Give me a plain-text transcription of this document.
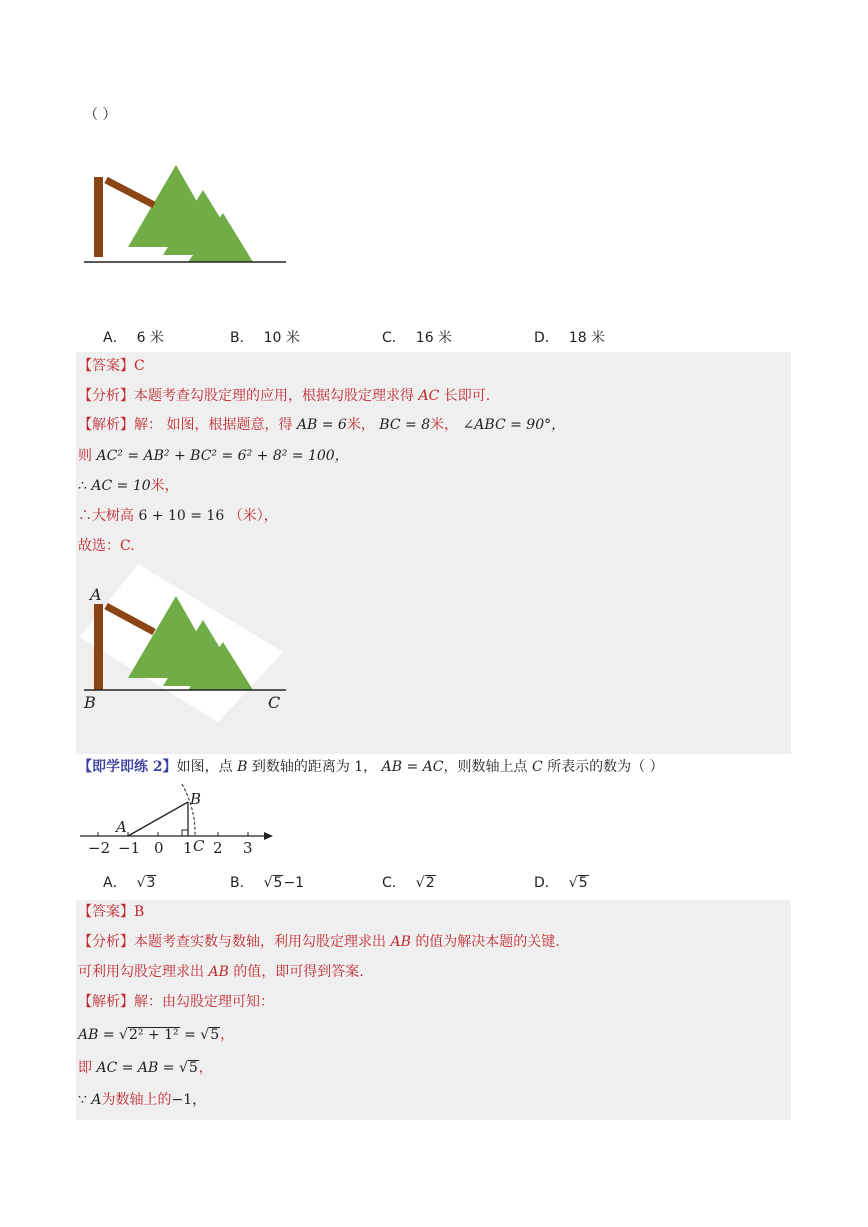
（ ）
A． 6 米	B． 10 米	C． 16 米	D． 18 米
【答案】C
【分析】本题考查勾股定理的应用，根据勾股定理求得 AC 长即可.
【解析】解： 如图，根据题意，得 AB = 6米， BC = 8米， ∠ABC = 90°，
则 AC² = AB² + BC² = 6² + 8² = 100，
∴ AC = 10米，
∴大树高 6 + 10 = 16 （米），
故选：C.
A
B	C
【即学即练 2】如图，点 B 到数轴的距离为 1， AB = AC，则数轴上点 C 所表示的数为（ ）
A
B
C
−2 −1 0 1 2 3
A． √3	B． √5−1	C． √2	D． √5
【答案】B
【分析】本题考查实数与数轴，利用勾股定理求出 AB 的值为解决本题的关键.
可利用勾股定理求出 AB 的值，即可得到答案.
【解析】解：由勾股定理可知：
AB = √2² + 1² = √5，
即 AC = AB = √5，
∵ A为数轴上的−1，
